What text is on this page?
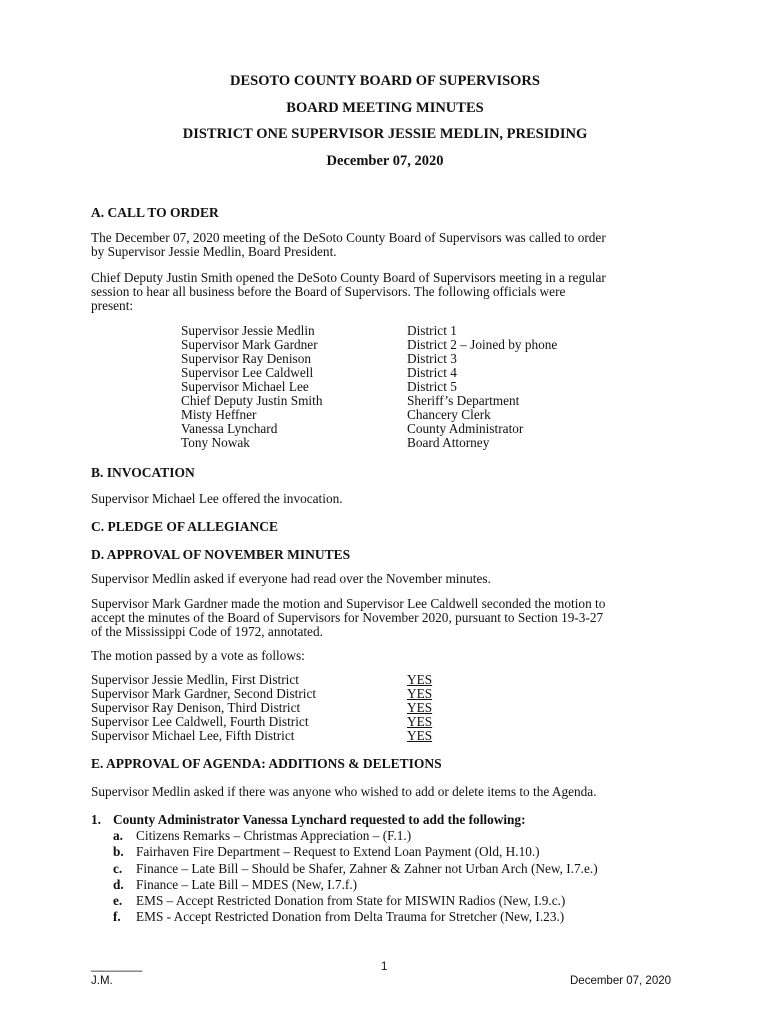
DESOTO COUNTY BOARD OF SUPERVISORS
BOARD MEETING MINUTES
DISTRICT ONE SUPERVISOR JESSIE MEDLIN, PRESIDING
December 07, 2020
A. CALL TO ORDER
The December 07, 2020 meeting of the DeSoto County Board of Supervisors was called to order
by Supervisor Jessie Medlin, Board President.
Chief Deputy Justin Smith opened the DeSoto County Board of Supervisors meeting in a regular
session to hear all business before the Board of Supervisors. The following officials were
present:
Supervisor Jessie Medlin	District 1
Supervisor Mark Gardner	District 2 – Joined by phone
Supervisor Ray Denison	District 3
Supervisor Lee Caldwell	District 4
Supervisor Michael Lee	District 5
Chief Deputy Justin Smith	Sheriff’s Department
Misty Heffner	Chancery Clerk
Vanessa Lynchard	County Administrator
Tony Nowak	Board Attorney
B. INVOCATION
Supervisor Michael Lee offered the invocation.
C. PLEDGE OF ALLEGIANCE
D. APPROVAL OF NOVEMBER MINUTES
Supervisor Medlin asked if everyone had read over the November minutes.
Supervisor Mark Gardner made the motion and Supervisor Lee Caldwell seconded the motion to
accept the minutes of the Board of Supervisors for November 2020, pursuant to Section 19-3-27
of the Mississippi Code of 1972, annotated.
The motion passed by a vote as follows:
Supervisor Jessie Medlin, First District	YES
Supervisor Mark Gardner, Second District	YES
Supervisor Ray Denison, Third District	YES
Supervisor Lee Caldwell, Fourth District	YES
Supervisor Michael Lee, Fifth District	YES
E. APPROVAL OF AGENDA: ADDITIONS & DELETIONS
Supervisor Medlin asked if there was anyone who wished to add or delete items to the Agenda.
1. County Administrator Vanessa Lynchard requested to add the following:
a. Citizens Remarks – Christmas Appreciation – (F.1.)
b. Fairhaven Fire Department – Request to Extend Loan Payment (Old, H.10.)
c. Finance – Late Bill – Should be Shafer, Zahner & Zahner not Urban Arch (New, I.7.e.)
d. Finance – Late Bill – MDES (New, I.7.f.)
e. EMS – Accept Restricted Donation from State for MISWIN Radios (New, I.9.c.)
f. EMS - Accept Restricted Donation from Delta Trauma for Stretcher (New, I.23.)
________
J.M.
1
December 07, 2020
